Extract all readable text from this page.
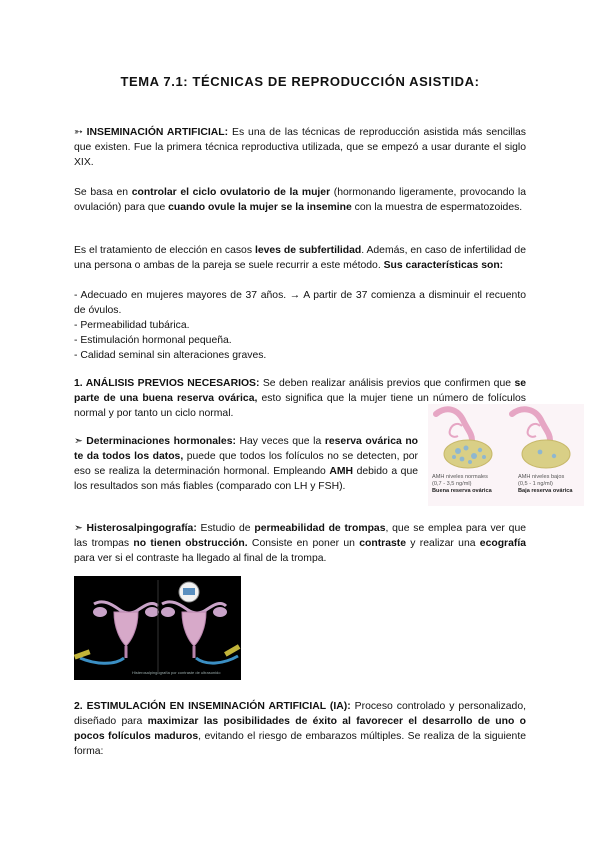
TEMA 7.1: TÉCNICAS DE REPRODUCCIÓN ASISTIDA:

➳ INSEMINACIÓN ARTIFICIAL: Es una de las técnicas de reproducción asistida más sencillas que existen. Fue la primera técnica reproductiva utilizada, que se empezó a usar durante el siglo XIX.

Se basa en controlar el ciclo ovulatorio de la mujer (hormonando ligeramente, provocando la ovulación) para que cuando ovule la mujer se la insemine con la muestra de espermatozoides.

Es el tratamiento de elección en casos leves de subfertilidad. Además, en caso de infertilidad de una persona o ambas de la pareja se suele recurrir a este método. Sus características son:

- Adecuado en mujeres mayores de 37 años. → A partir de 37 comienza a disminuir el recuento de óvulos.
- Permeabilidad tubárica.
- Estimulación hormonal pequeña.
- Calidad seminal sin alteraciones graves.

1. ANÁLISIS PREVIOS NECESARIOS: Se deben realizar análisis previos que confirmen que se parte de una buena reserva ovárica, esto significa que la mujer tiene un número de folículos normal y por tanto un ciclo normal.

➣ Determinaciones hormonales: Hay veces que la reserva ovárica no te da todos los datos, puede que todos los folículos no se detecten, por eso se realiza la determinación hormonal. Empleando AMH debido a que los resultados son más fiables (comparado con LH y FSH).

AMH niveles normales
(0,7 - 3,5 ng/ml)
Buena reserva ovárica
AMH niveles bajos
(0,5 - 1 ng/ml)
Baja reserva ovárica

➣ Histerosalpingografía: Estudio de permeabilidad de trompas, que se emplea para ver que las trompas no tienen obstrucción. Consiste en poner un contraste y realizar una ecografía para ver si el contraste ha llegado al final de la trompa.

Histerosalpingografía por contraste de ultrasonido

2. ESTIMULACIÓN EN INSEMINACIÓN ARTIFICIAL (IA): Proceso controlado y personalizado, diseñado para maximizar las posibilidades de éxito al favorecer el desarrollo de uno o pocos folículos maduros, evitando el riesgo de embarazos múltiples. Se realiza de la siguiente forma:
